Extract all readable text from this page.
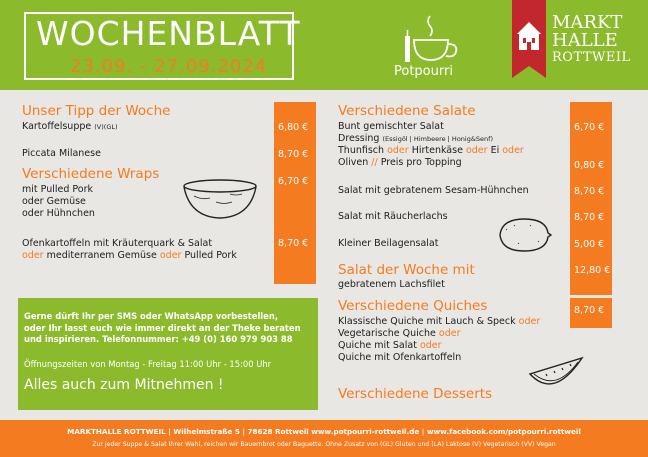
WOCHENBLATT
23.09. - 27.09.2024	Potpourri
MARKT
HALLE
ROTTWEIL
Unser Tipp der Woche
Kartoffelsuppe (V)(GL)
Piccata Milanese
Verschiedene Wraps
mit Pulled Pork
oder Gemüse
oder Hühnchen
Ofenkartoffeln mit Kräuterquark & Salat
oder mediterranem Gemüse oder Pulled Pork
6,80 €
8,70 €
6,70 €
8,70 €
Verschiedene Salate
Bunt gemischter Salat
Dressing (Essigöl | Himbeere | Honig&Senf)
Thunfisch oder Hirtenkäse oder Ei oder
Oliven // Preis pro Topping
Salat mit gebratenem Sesam-Hühnchen
Salat mit Räucherlachs
Kleiner Beilagensalat
Salat der Woche mit
gebratenem Lachsfilet
Verschiedene Quiches
Klassische Quiche mit Lauch & Speck oder
Vegetarische Quiche oder
Quiche mit Salat oder
Quiche mit Ofenkartoffeln
Verschiedene Desserts
6,70 €
0,80 €
8,70 €
8,70 €
5,00 €
12,80 €
8,70 €
Gerne dürft Ihr per SMS oder WhatsApp vorbestellen,
oder Ihr lasst euch wie immer direkt an der Theke beraten
und inspirieren. Telefonnummer: +49 (0) 160 979 903 88
Öffnungszeiten von Montag - Freitag 11:00 Uhr - 15:00 Uhr
Alles auch zum Mitnehmen !
MARKTHALLE ROTTWEIL | Wilhelmstraße 5 | 78628 Rottweil www.potpourri-rottweil.de | www.facebook.com/potpourri.rottweil
Zur jeder Suppe & Salat Ihrer Wahl, reichen wir Bauernbrot oder Baguette. Ohne Zusatz von (GL) Gluten und (LA) Laktose (V) Vegetarisch (VV) Vegan
